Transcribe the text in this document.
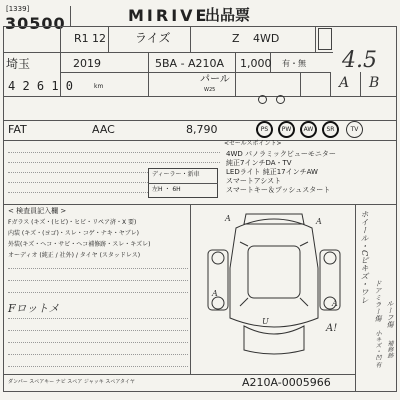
[1339]
30500	MIRIVE
出品票
R1 12 ライズ	Z 4WD
埼玉	2019	5BA - A210A 1,000 有・無 4.5
4 2 6 1 0	km
パール
W25	A B
FAT	AAC	8,790	PS PW AW SR	TV
<セールスポイント>
4WD パノラミックビューモニター
純正7インチDA・TV
LEDライト 純正17インチAW
スマートアシスト
スマートキー＆プッシュスタート
ディーラー・新車
左H ・ 6H
< 検査員記入欄 >
Fガラス (キズ・(ヒビ)・ヒビ・リペア済・X 要)
内装 (キズ・(ヨゴ)・スレ・コゲ・ナキ・ヤブレ)
外装(キズ・ヘコ・サビ・ヘコ補修跡・スレ・キズレ)
オーディオ (純正 / 社外) / タイヤ (スタッドレス)
Fロットメ
A	A
A
A
U
A!
ホイール・Cピキズ・ワレ ドアミラー傷 ルーフ傷
小キズ・凹 有 補修跡
A210A-0005966
ダンパー スペアキー ナビ スペア ジャッキ スペアタイヤ
